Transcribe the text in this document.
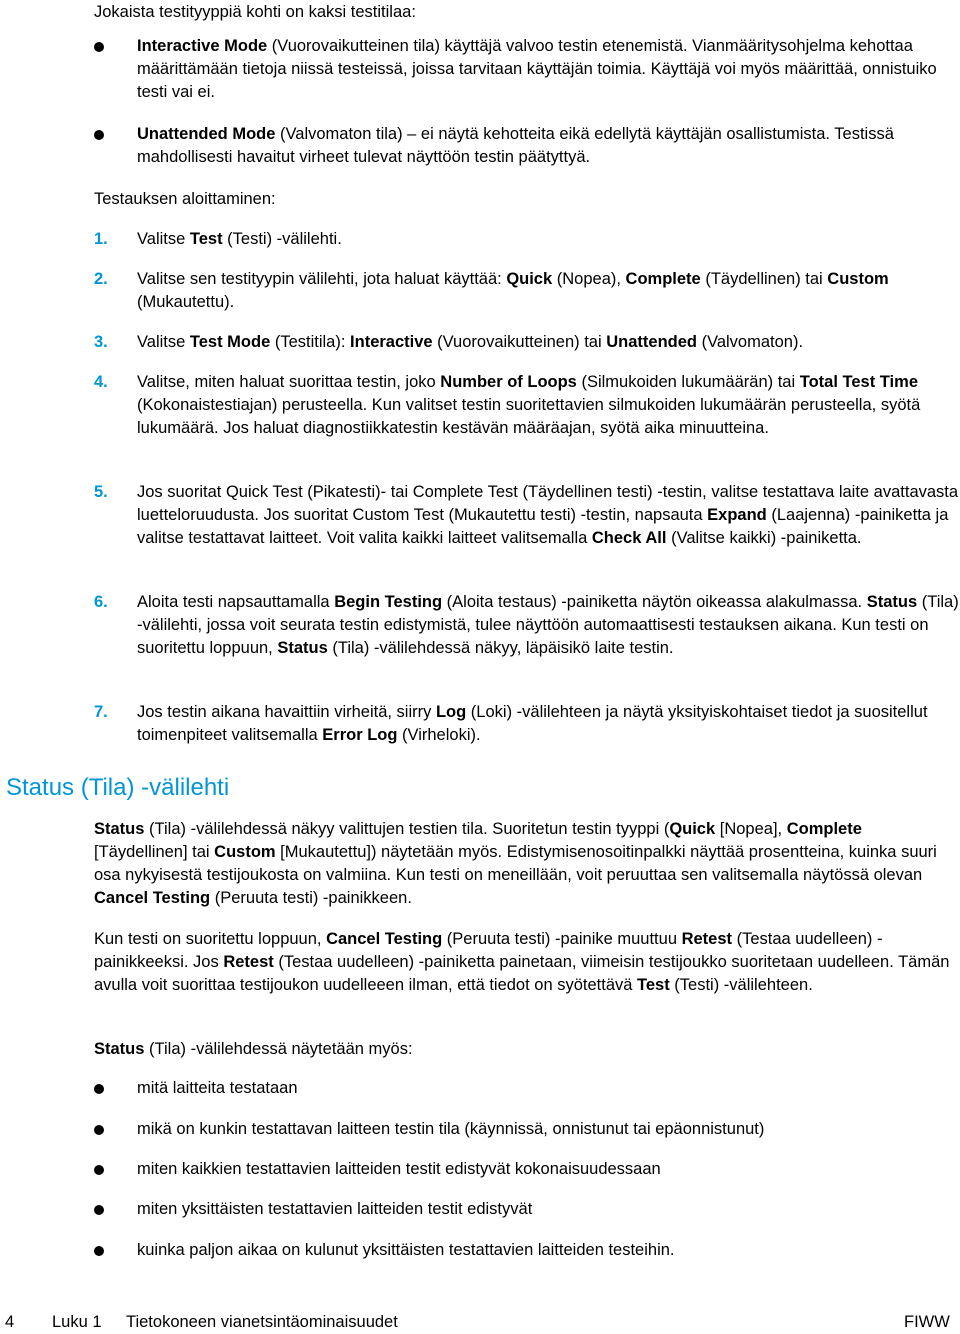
Jokaista testityyppiä kohti on kaksi testitilaa:

Interactive Mode (Vuorovaikutteinen tila) käyttäjä valvoo testin etenemistä. Vianmääritysohjelma kehottaa määrittämään tietoja niissä testeissä, joissa tarvitaan käyttäjän toimia. Käyttäjä voi myös määrittää, onnistuiko testi vai ei.

Unattended Mode (Valvomaton tila) – ei näytä kehotteita eikä edellytä käyttäjän osallistumista. Testissä mahdollisesti havaitut virheet tulevat näyttöön testin päätyttyä.

Testauksen aloittaminen:

1. Valitse Test (Testi) -välilehti.

2. Valitse sen testityypin välilehti, jota haluat käyttää: Quick (Nopea), Complete (Täydellinen) tai Custom (Mukautettu).

3. Valitse Test Mode (Testitila): Interactive (Vuorovaikutteinen) tai Unattended (Valvomaton).

4. Valitse, miten haluat suorittaa testin, joko Number of Loops (Silmukoiden lukumäärän) tai Total Test Time (Kokonaistestiajan) perusteella. Kun valitset testin suoritettavien silmukoiden lukumäärän perusteella, syötä lukumäärä. Jos haluat diagnostiikkatestin kestävän määräajan, syötä aika minuutteina.

5. Jos suoritat Quick Test (Pikatesti)- tai Complete Test (Täydellinen testi) -testin, valitse testattava laite avattavasta luetteloruudusta. Jos suoritat Custom Test (Mukautettu testi) -testin, napsauta Expand (Laajenna) -painiketta ja valitse testattavat laitteet. Voit valita kaikki laitteet valitsemalla Check All (Valitse kaikki) -painiketta.

6. Aloita testi napsauttamalla Begin Testing (Aloita testaus) -painiketta näytön oikeassa alakulmassa. Status (Tila) -välilehti, jossa voit seurata testin edistymistä, tulee näyttöön automaattisesti testauksen aikana. Kun testi on suoritettu loppuun, Status (Tila) -välilehdessä näkyy, läpäisikö laite testin.

7. Jos testin aikana havaittiin virheitä, siirry Log (Loki) -välilehteen ja näytä yksityiskohtaiset tiedot ja suositellut toimenpiteet valitsemalla Error Log (Virheloki).

Status (Tila) -välilehti

Status (Tila) -välilehdessä näkyy valittujen testien tila. Suoritetun testin tyyppi (Quick [Nopea], Complete [Täydellinen] tai Custom [Mukautettu]) näytetään myös. Edistymisenosoitinpalkki näyttää prosentteina, kuinka suuri osa nykyisestä testijoukosta on valmiina. Kun testi on meneillään, voit peruuttaa sen valitsemalla näytössä olevan Cancel Testing (Peruuta testi) -painikkeen.

Kun testi on suoritettu loppuun, Cancel Testing (Peruuta testi) -painike muuttuu Retest (Testaa uudelleen) -painikkeeksi. Jos Retest (Testaa uudelleen) -painiketta painetaan, viimeisin testijoukko suoritetaan uudelleen. Tämän avulla voit suorittaa testijoukon uudelleeen ilman, että tiedot on syötettävä Test (Testi) -välilehteen.

Status (Tila) -välilehdessä näytetään myös:

mitä laitteita testataan

mikä on kunkin testattavan laitteen testin tila (käynnissä, onnistunut tai epäonnistunut)

miten kaikkien testattavien laitteiden testit edistyvät kokonaisuudessaan

miten yksittäisten testattavien laitteiden testit edistyvät

kuinka paljon aikaa on kulunut yksittäisten testattavien laitteiden testeihin.

4 Luku 1 Tietokoneen vianetsintäominaisuudet	FIWW
